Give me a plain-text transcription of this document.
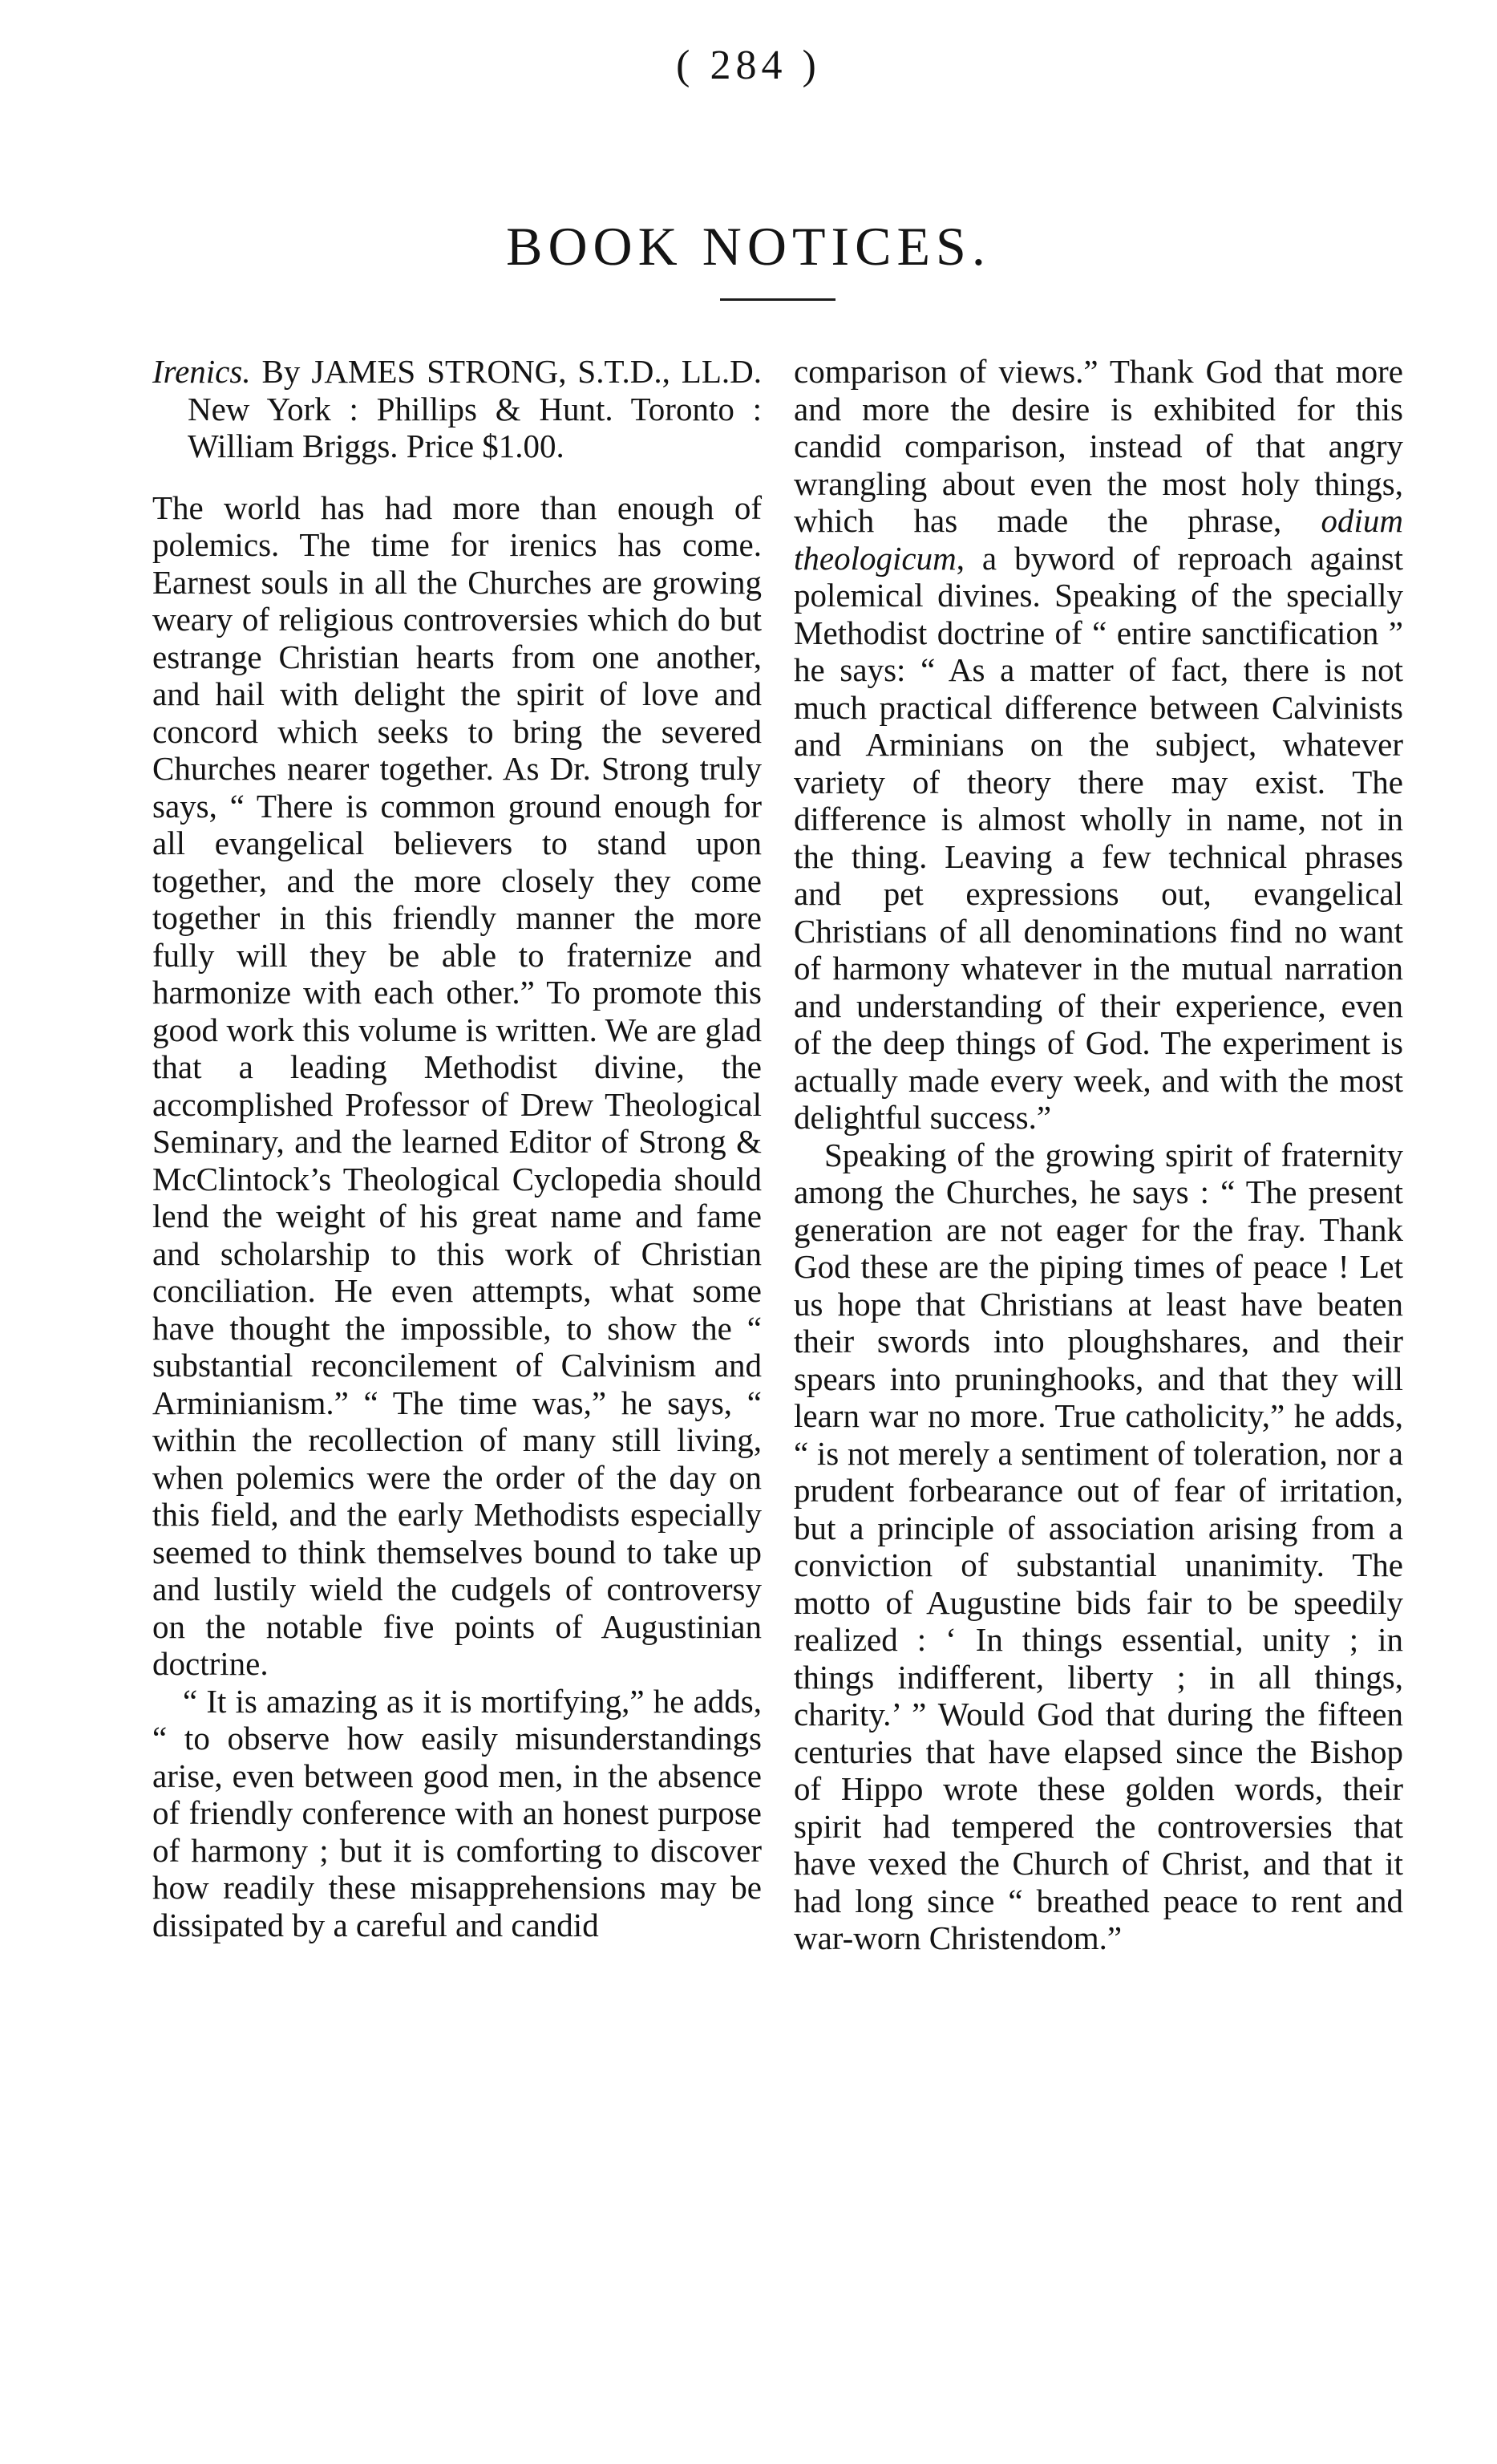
( 284 )
BOOK NOTICES.

Irenics. By JAMES STRONG, S.T.D., LL.D. New York : Phillips & Hunt. Toronto : William Briggs. Price $1.00.

The world has had more than enough of polemics. The time for irenics has come. Earnest souls in all the Churches are growing weary of religious controversies which do but estrange Christian hearts from one another, and hail with delight the spirit of love and concord which seeks to bring the severed Churches nearer together. As Dr. Strong truly says, “ There is common ground enough for all evangelical believers to stand upon together, and the more closely they come together in this friendly manner the more fully will they be able to fraternize and harmonize with each other.” To promote this good work this volume is written. We are glad that a leading Methodist divine, the accomplished Professor of Drew Theological Seminary, and the learned Editor of Strong & McClintock’s Theological Cyclopedia should lend the weight of his great name and fame and scholarship to this work of Christian conciliation. He even attempts, what some have thought the impossible, to show the “ substantial reconcilement of Calvinism and Arminianism.” “ The time was,” he says, “ within the recollection of many still living, when polemics were the order of the day on this field, and the early Methodists especially seemed to think themselves bound to take up and lustily wield the cudgels of controversy on the notable five points of Augustinian doctrine.

“ It is amazing as it is mortifying,” he adds, “ to observe how easily misunderstandings arise, even between good men, in the absence of friendly conference with an honest purpose of harmony ; but it is comforting to discover how readily these misapprehensions may be dissipated by a careful and candid

comparison of views.” Thank God that more and more the desire is exhibited for this candid comparison, instead of that angry wrangling about even the most holy things, which has made the phrase, odium theologicum, a byword of reproach against polemical divines. Speaking of the specially Methodist doctrine of “ entire sanctification ” he says: “ As a matter of fact, there is not much practical difference between Calvinists and Arminians on the subject, whatever variety of theory there may exist. The difference is almost wholly in name, not in the thing. Leaving a few technical phrases and pet expressions out, evangelical Christians of all denominations find no want of harmony whatever in the mutual narration and understanding of their experience, even of the deep things of God. The experiment is actually made every week, and with the most delightful success.”

Speaking of the growing spirit of fraternity among the Churches, he says : “ The present generation are not eager for the fray. Thank God these are the piping times of peace ! Let us hope that Christians at least have beaten their swords into ploughshares, and their spears into pruninghooks, and that they will learn war no more. True catholicity,” he adds, “ is not merely a sentiment of toleration, nor a prudent forbearance out of fear of irritation, but a principle of association arising from a conviction of substantial unanimity. The motto of Augustine bids fair to be speedily realized : ‘ In things essential, unity ; in things indifferent, liberty ; in all things, charity.’ ” Would God that during the fifteen centuries that have elapsed since the Bishop of Hippo wrote these golden words, their spirit had tempered the controversies that have vexed the Church of Christ, and that it had long since “ breathed peace to rent and war-worn Christendom.”
